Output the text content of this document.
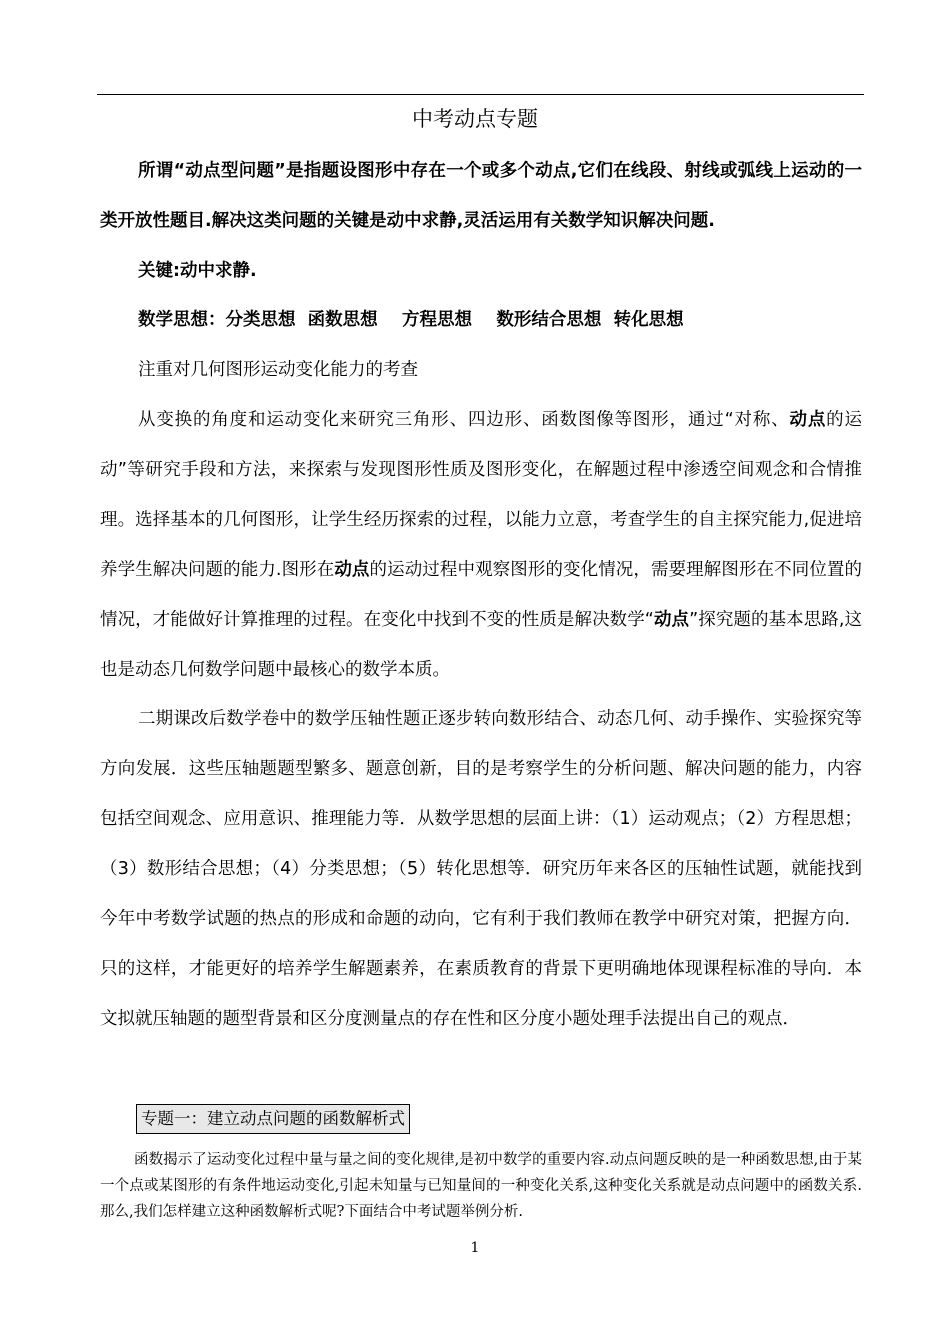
中考动点专题
所谓“动点型问题”是指题设图形中存在一个或多个动点,它们在线段、射线或弧线上运动的一类开放性题目.解决这类问题的关键是动中求静,灵活运用有关数学知识解决问题.
关键:动中求静.
数学思想：分类思想  函数思想    方程思想    数形结合思想  转化思想
注重对几何图形运动变化能力的考查
从变换的角度和运动变化来研究三角形、四边形、函数图像等图形，通过“对称、动点的运动”等研究手段和方法，来探索与发现图形性质及图形变化，在解题过程中渗透空间观念和合情推理。选择基本的几何图形，让学生经历探索的过程，以能力立意，考查学生的自主探究能力,促进培养学生解决问题的能力.图形在动点的运动过程中观察图形的变化情况，需要理解图形在不同位置的情况，才能做好计算推理的过程。在变化中找到不变的性质是解决数学“动点”探究题的基本思路,这也是动态几何数学问题中最核心的数学本质。
二期课改后数学卷中的数学压轴性题正逐步转向数形结合、动态几何、动手操作、实验探究等方向发展．这些压轴题题型繁多、题意创新，目的是考察学生的分析问题、解决问题的能力，内容包括空间观念、应用意识、推理能力等．从数学思想的层面上讲：（1）运动观点；（2）方程思想；（3）数形结合思想；（4）分类思想；（5）转化思想等．研究历年来各区的压轴性试题，就能找到今年中考数学试题的热点的形成和命题的动向，它有利于我们教师在教学中研究对策，把握方向．只的这样，才能更好的培养学生解题素养，在素质教育的背景下更明确地体现课程标准的导向．本文拟就压轴题的题型背景和区分度测量点的存在性和区分度小题处理手法提出自己的观点．
专题一：建立动点问题的函数解析式
函数揭示了运动变化过程中量与量之间的变化规律,是初中数学的重要内容.动点问题反映的是一种函数思想,由于某一个点或某图形的有条件地运动变化,引起未知量与已知量间的一种变化关系,这种变化关系就是动点问题中的函数关系.那么,我们怎样建立这种函数解析式呢?下面结合中考试题举例分析.
1
